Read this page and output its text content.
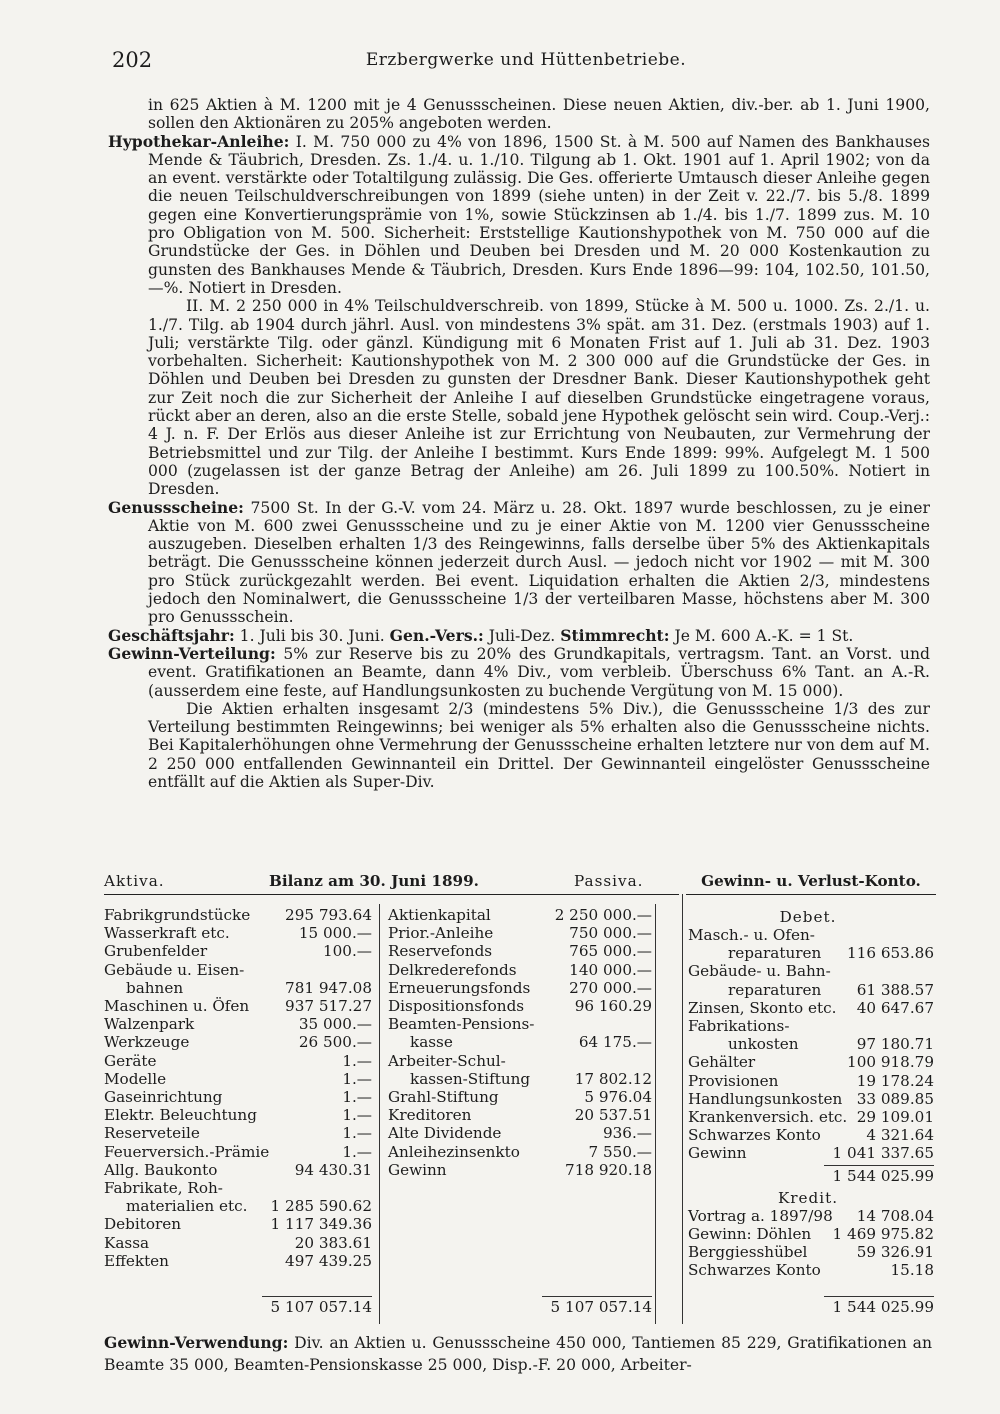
202	Erzbergwerke und Hüttenbetriebe.

in 625 Aktien à M. 1200 mit je 4 Genussscheinen. Diese neuen Aktien, div.-ber. ab 1. Juni 1900, sollen den Aktionären zu 205% angeboten werden.

Hypothekar-Anleihe: I. M. 750 000 zu 4% von 1896, 1500 St. à M. 500 auf Namen des Bankhauses Mende & Täubrich, Dresden. Zs. 1./4. u. 1./10. Tilgung ab 1. Okt. 1901 auf 1. April 1902; von da an event. verstärkte oder Totaltilgung zulässig. Die Ges. offerierte Umtausch dieser Anleihe gegen die neuen Teilschuldverschreibungen von 1899 (siehe unten) in der Zeit v. 22./7. bis 5./8. 1899 gegen eine Konvertierungsprämie von 1%, sowie Stückzinsen ab 1./4. bis 1./7. 1899 zus. M. 10 pro Obligation von M. 500. Sicherheit: Erststellige Kautionshypothek von M. 750 000 auf die Grundstücke der Ges. in Döhlen und Deuben bei Dresden und M. 20 000 Kostenkaution zu gunsten des Bankhauses Mende & Täubrich, Dresden. Kurs Ende 1896—99: 104, 102.50, 101.50, —%. Notiert in Dresden.

II. M. 2 250 000 in 4% Teilschuldverschreib. von 1899, Stücke à M. 500 u. 1000. Zs. 2./1. u. 1./7. Tilg. ab 1904 durch jährl. Ausl. von mindestens 3% spät. am 31. Dez. (erstmals 1903) auf 1. Juli; verstärkte Tilg. oder gänzl. Kündigung mit 6 Monaten Frist auf 1. Juli ab 31. Dez. 1903 vorbehalten. Sicherheit: Kautionshypothek von M. 2 300 000 auf die Grundstücke der Ges. in Döhlen und Deuben bei Dresden zu gunsten der Dresdner Bank. Dieser Kautionshypothek geht zur Zeit noch die zur Sicherheit der Anleihe I auf dieselben Grundstücke eingetragene voraus, rückt aber an deren, also an die erste Stelle, sobald jene Hypothek gelöscht sein wird. Coup.-Verj.: 4 J. n. F. Der Erlös aus dieser Anleihe ist zur Errichtung von Neubauten, zur Vermehrung der Betriebsmittel und zur Tilg. der Anleihe I bestimmt. Kurs Ende 1899: 99%. Aufgelegt M. 1 500 000 (zugelassen ist der ganze Betrag der Anleihe) am 26. Juli 1899 zu 100.50%. Notiert in Dresden.

Genussscheine: 7500 St. In der G.-V. vom 24. März u. 28. Okt. 1897 wurde beschlossen, zu je einer Aktie von M. 600 zwei Genussscheine und zu je einer Aktie von M. 1200 vier Genussscheine auszugeben. Dieselben erhalten 1/3 des Reingewinns, falls derselbe über 5% des Aktienkapitals beträgt. Die Genussscheine können jederzeit durch Ausl. — jedoch nicht vor 1902 — mit M. 300 pro Stück zurückgezahlt werden. Bei event. Liquidation erhalten die Aktien 2/3, mindestens jedoch den Nominalwert, die Genussscheine 1/3 der verteilbaren Masse, höchstens aber M. 300 pro Genussschein.

Geschäftsjahr: 1. Juli bis 30. Juni. Gen.-Vers.: Juli-Dez. Stimmrecht: Je M. 600 A.-K. = 1 St.

Gewinn-Verteilung: 5% zur Reserve bis zu 20% des Grundkapitals, vertragsm. Tant. an Vorst. und event. Gratifikationen an Beamte, dann 4% Div., vom verbleib. Überschuss 6% Tant. an A.-R. (ausserdem eine feste, auf Handlungsunkosten zu buchende Vergütung von M. 15 000).

Die Aktien erhalten insgesamt 2/3 (mindestens 5% Div.), die Genussscheine 1/3 des zur Verteilung bestimmten Reingewinns; bei weniger als 5% erhalten also die Genussscheine nichts. Bei Kapitalerhöhungen ohne Vermehrung der Genussscheine erhalten letztere nur von dem auf M. 2 250 000 entfallenden Gewinnanteil ein Drittel. Der Gewinnanteil eingelöster Genussscheine entfällt auf die Aktien als Super-Div.

Aktiva.	Bilanz am 30. Juni 1899.	Passiva.	Gewinn- u. Verlust-Konto.
Fabrikgrundstücke 295 793.64
Wasserkraft etc.	15 000.—
Grubenfelder	100.—
Gebäude u. Eisen-
bahnen	781 947.08
Maschinen u. Öfen 937 517.27
Walzenpark	35 000.—
Werkzeuge	26 500.—
Geräte	1.—
Modelle	1.—
Gaseinrichtung	1.—
Elektr. Beleuchtung	1.—
Reserveteile	1.—
Feuerversich.-Prämie	1.—
Allg. Baukonto	94 430.31
Fabrikate, Roh-
materialien etc. 1 285 590.62
Debitoren	1 117 349.36
Kassa	20 383.61
Effekten	497 439.25
5 107 057.14
Aktienkapital	2 250 000.—
Prior.-Anleihe	750 000.—
Reservefonds	765 000.—
Delkrederefonds	140 000.—
Erneuerungsfonds	270 000.—
Dispositionsfonds	96 160.29
Beamten-Pensions-
kasse	64 175.—
Arbeiter-Schul-
kassen-Stiftung	17 802.12
Grahl-Stiftung	5 976.04
Kreditoren	20 537.51
Alte Dividende	936.—
Anleihezinsenkto	7 550.—
Gewinn	718 920.18
5 107 057.14
Debet.
Masch.- u. Ofen-
reparaturen 116 653.86
Gebäude- u. Bahn-
reparaturen 61 388.57
Zinsen, Skonto etc. 40 647.67
Fabrikations-
unkosten	97 180.71
Gehälter	100 918.79
Provisionen	19 178.24
Handlungsunkosten 33 089.85
Krankenversich. etc. 29 109.01
Schwarzes Konto	4 321.64
Gewinn	1 041 337.65
1 544 025.99
Kredit.
Vortrag a. 1897/98 14 708.04
Gewinn: Döhlen 1 469 975.82
Berggiesshübel	59 326.91
Schwarzes Konto	15.18
1 544 025.99
Gewinn-Verwendung: Div. an Aktien u. Genussscheine 450 000, Tantiemen 85 229, Gratifikationen an Beamte 35 000, Beamten-Pensionskasse 25 000, Disp.-F. 20 000, Arbeiter-
